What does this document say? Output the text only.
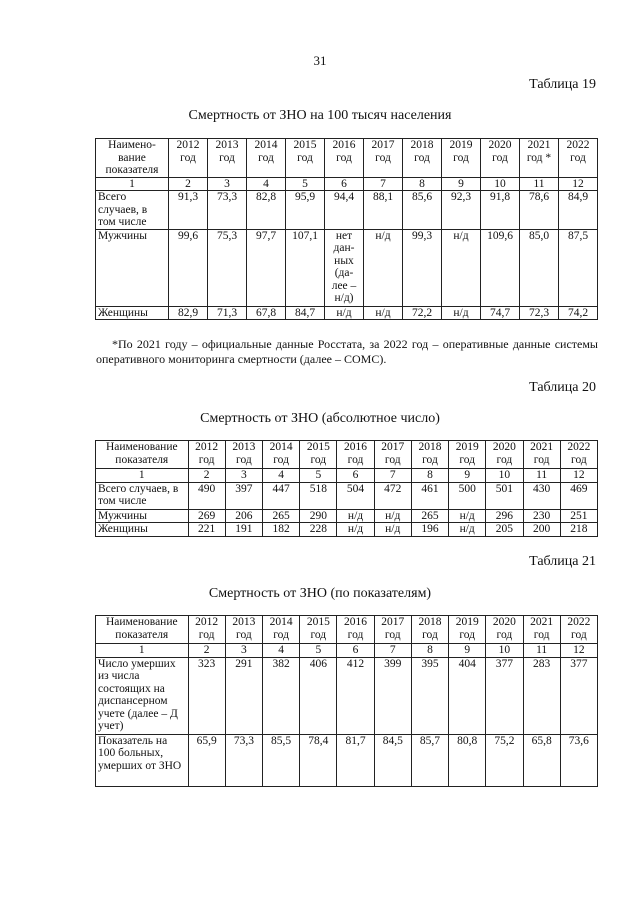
31
Таблица 19
Смертность от ЗНО на 100 тысяч населения
Наимено-вание показателя	2012 год	2013 год	2014 год	2015 год	2016 год	2017 год	2018 год	2019 год	2020 год	2021 год *	2022 год
1	2	3	4	5	6	7	8	9	10	11	12
Всего случаев, в том числе	91,3	73,3	82,8	95,9	94,4	88,1	85,6	92,3	91,8	78,6	84,9
Мужчины	99,6	75,3	97,7	107,1	нет дан-ных (да-лее – н/д)	н/д	99,3	н/д	109,6	85,0	87,5
Женщины	82,9	71,3	67,8	84,7	н/д	н/д	72,2	н/д	74,7	72,3	74,2
*По 2021 году – официальные данные Росстата, за 2022 год – оперативные данные системы оперативного мониторинга смертности (далее – СОМС).
Таблица 20
Смертность от ЗНО (абсолютное число)
Наименование показателя	2012 год	2013 год	2014 год	2015 год	2016 год	2017 год	2018 год	2019 год	2020 год	2021 год	2022 год
1	2	3	4	5	6	7	8	9	10	11	12
Всего случаев, в том числе	490	397	447	518	504	472	461	500	501	430	469
Мужчины	269	206	265	290	н/д	н/д	265	н/д	296	230	251
Женщины	221	191	182	228	н/д	н/д	196	н/д	205	200	218
Таблица 21
Смертность от ЗНО (по показателям)
Наименование показателя	2012 год	2013 год	2014 год	2015 год	2016 год	2017 год	2018 год	2019 год	2020 год	2021 год	2022 год
1	2	3	4	5	6	7	8	9	10	11	12
Число умерших из числа состоящих на диспансерном учете (далее – Д учет)	323	291	382	406	412	399	395	404	377	283	377
Показатель на 100 больных, умерших от ЗНО	65,9	73,3	85,5	78,4	81,7	84,5	85,7	80,8	75,2	65,8	73,6
